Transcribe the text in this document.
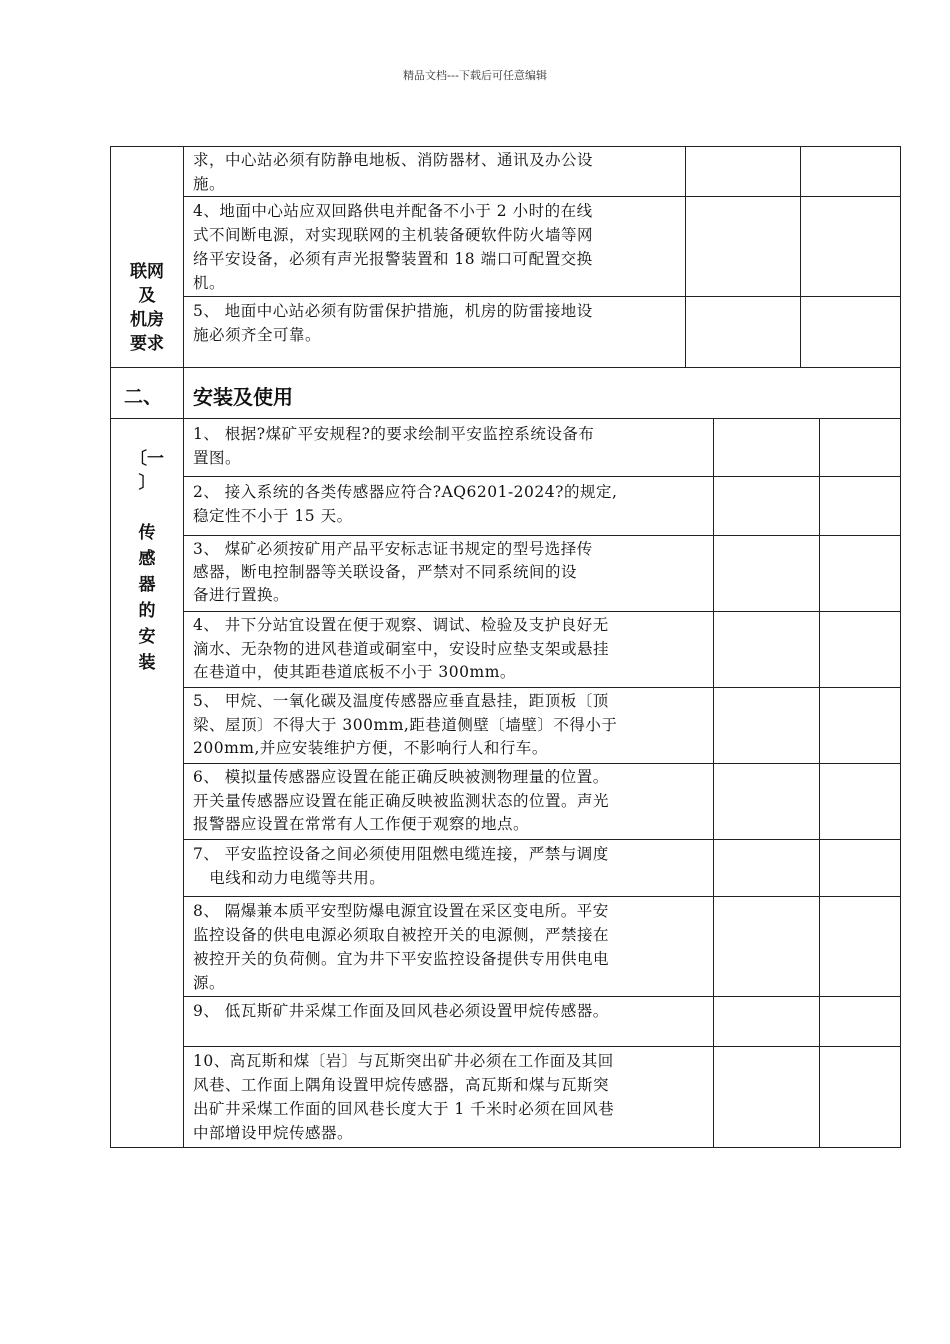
精品文档---下载后可任意编辑
联网
及
机房
要求
求，中心站必须有防静电地板、消防器材、通讯及办公设
施。
4、地面中心站应双回路供电并配备不小于 2 小时的在线
式不间断电源，对实现联网的主机装备硬软件防火墙等网
络平安设备，必须有声光报警装置和 18 端口可配置交换
机。
5、 地面中心站必须有防雷保护措施，机房的防雷接地设
施必须齐全可靠。
二、 安装及使用
〔一
〕
传
感
器
的
安
装
1、 根据?煤矿平安规程?的要求绘制平安监控系统设备布
置图。
2、 接入系统的各类传感器应符合?AQ6201-2024?的规定,
稳定性不小于 15 天。
3、 煤矿必须按矿用产品平安标志证书规定的型号选择传
感器，断电控制器等关联设备，严禁对不同系统间的设
备进行置换。
4、 井下分站宜设置在便于观察、调试、检验及支护良好无
滴水、无杂物的进风巷道或硐室中，安设时应垫支架或悬挂
在巷道中，使其距巷道底板不小于 300mm。
5、 甲烷、一氧化碳及温度传感器应垂直悬挂，距顶板〔顶
梁、屋顶〕不得大于 300mm,距巷道侧壁〔墙壁〕不得小于
200mm,并应安装维护方便，不影响行人和行车。
6、 模拟量传感器应设置在能正确反映被测物理量的位置。
开关量传感器应设置在能正确反映被监测状态的位置。声光
报警器应设置在常常有人工作便于观察的地点。
7、 平安监控设备之间必须使用阻燃电缆连接，严禁与调度
电线和动力电缆等共用。
8、 隔爆兼本质平安型防爆电源宜设置在采区变电所。平安
监控设备的供电电源必须取自被控开关的电源侧，严禁接在
被控开关的负荷侧。宜为井下平安监控设备提供专用供电电
源。
9、 低瓦斯矿井采煤工作面及回风巷必须设置甲烷传感器。
10、高瓦斯和煤〔岩〕与瓦斯突出矿井必须在工作面及其回
风巷、工作面上隅角设置甲烷传感器，高瓦斯和煤与瓦斯突
出矿井采煤工作面的回风巷长度大于 1 千米时必须在回风巷
中部增设甲烷传感器。
